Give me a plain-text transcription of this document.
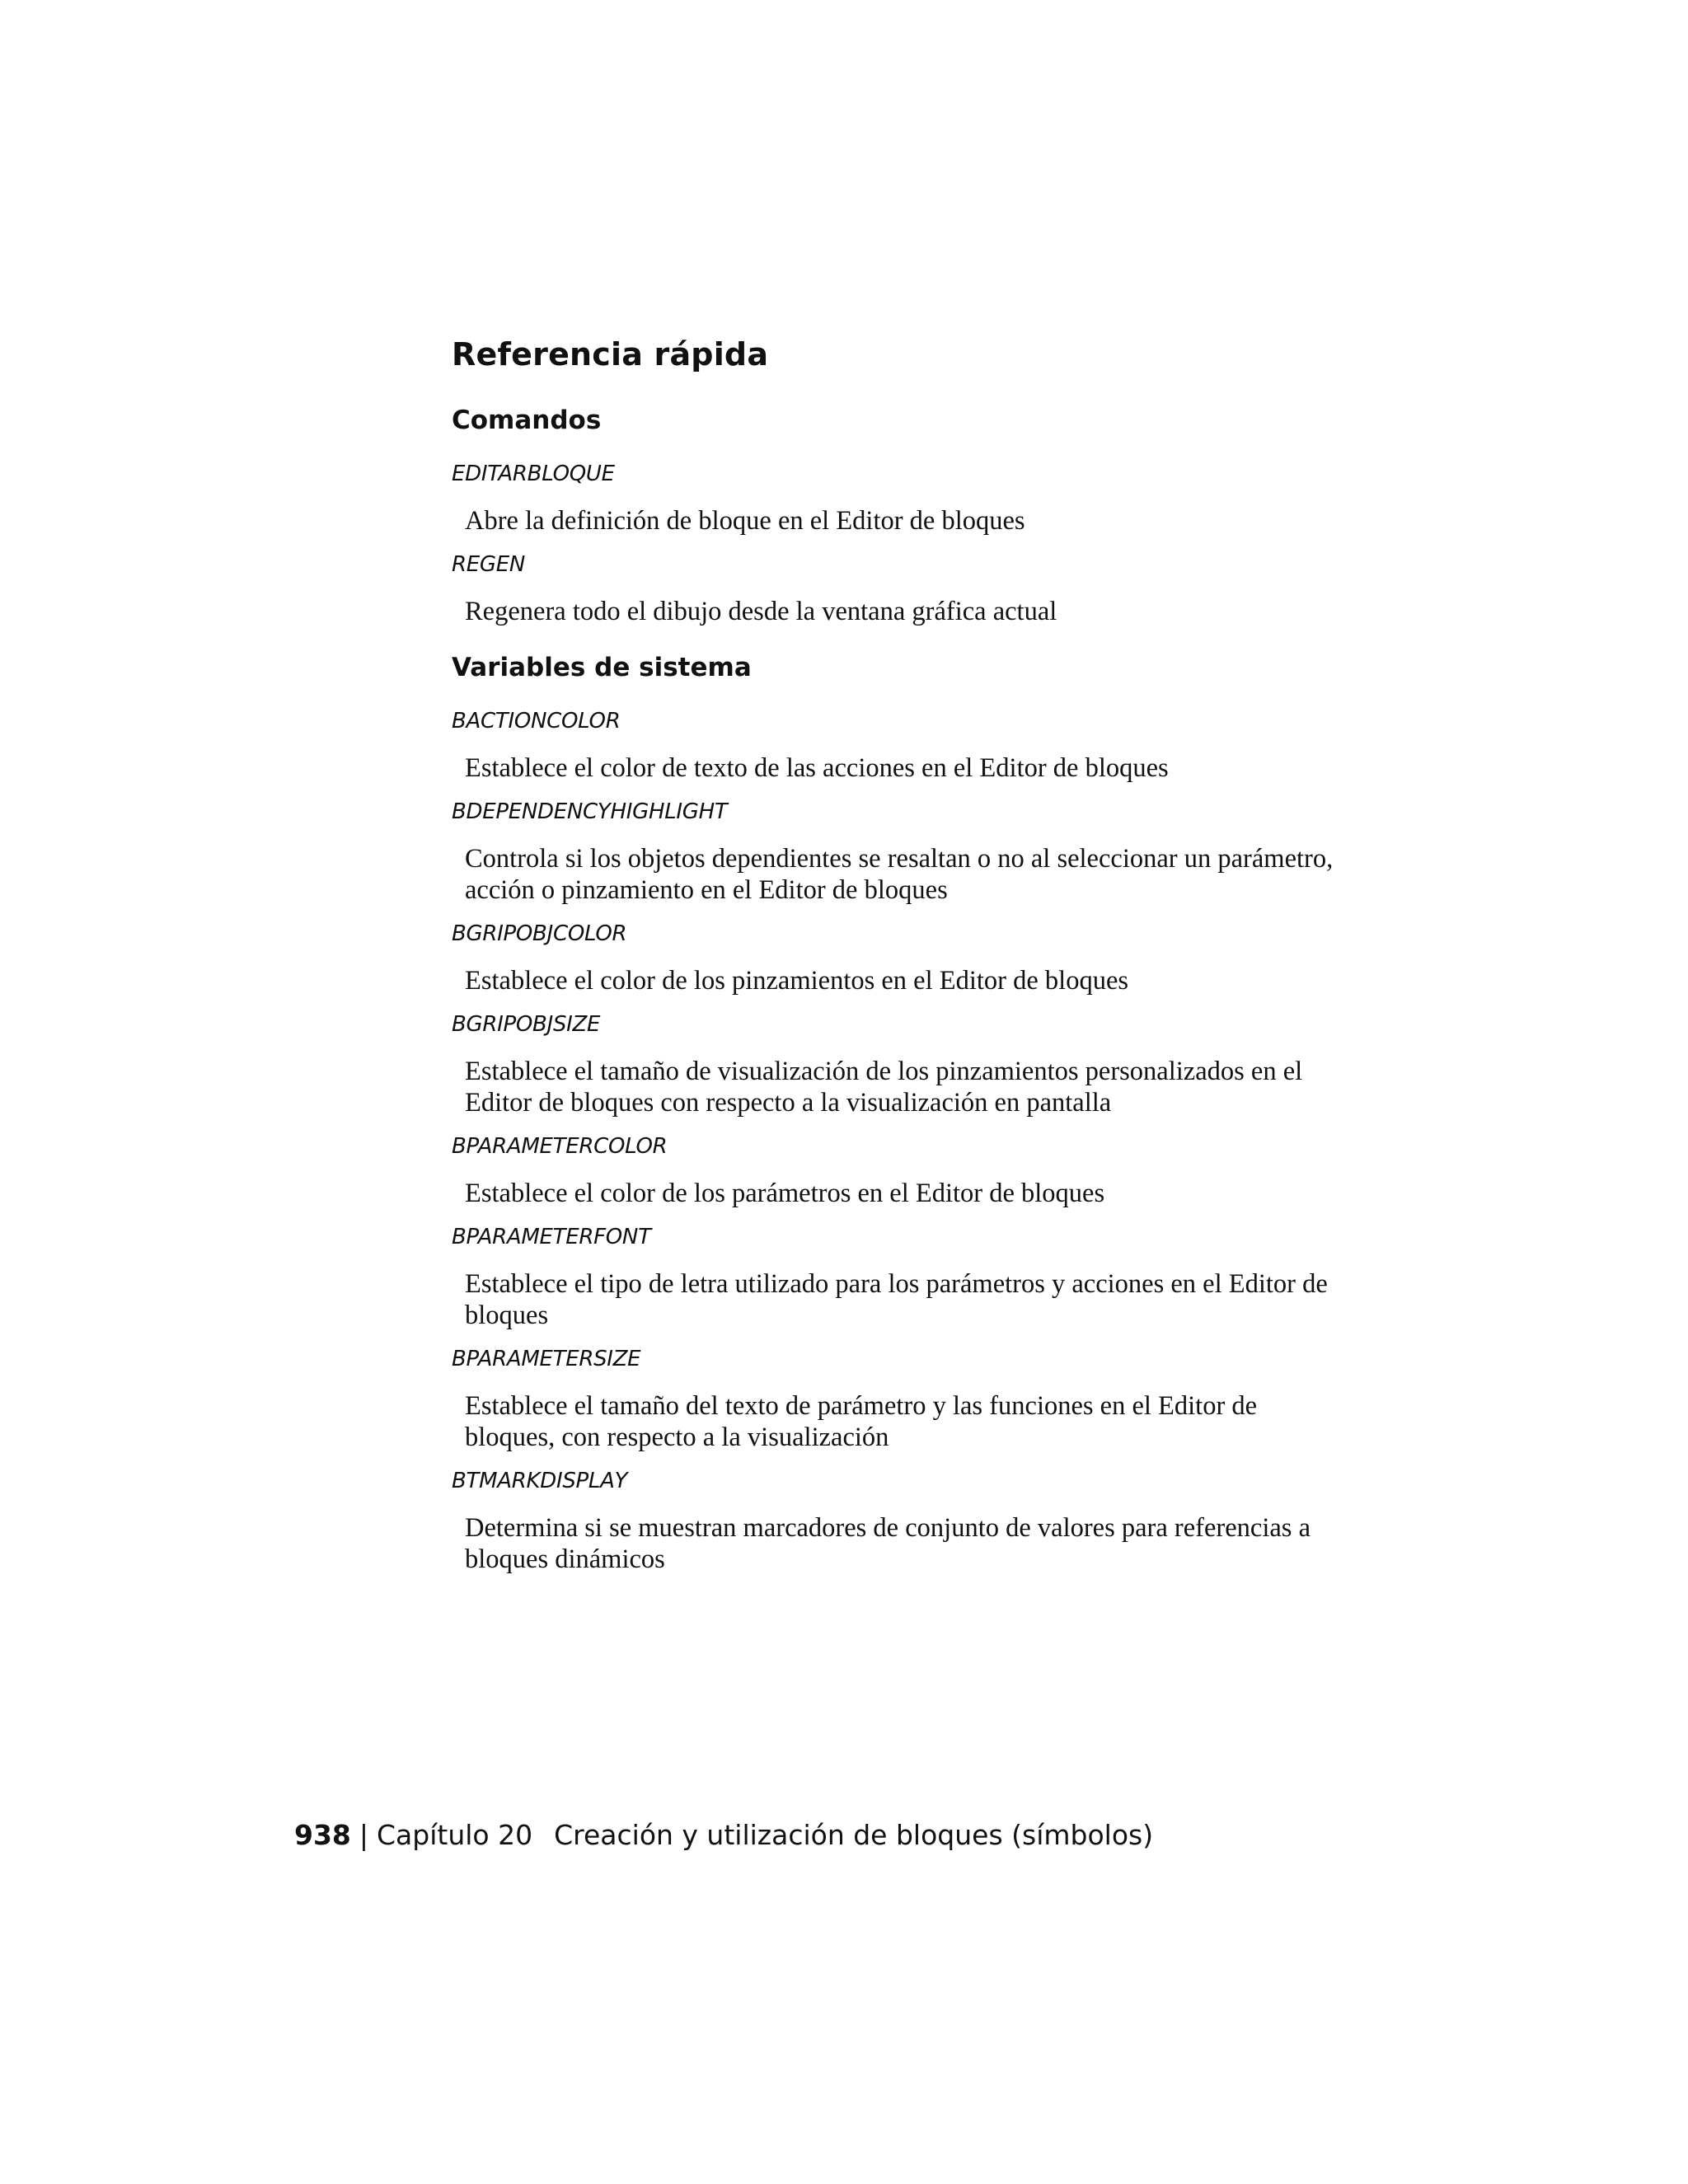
Referencia rápida
Comandos
EDITARBLOQUE
Abre la definición de bloque en el Editor de bloques
REGEN
Regenera todo el dibujo desde la ventana gráfica actual
Variables de sistema
BACTIONCOLOR
Establece el color de texto de las acciones en el Editor de bloques
BDEPENDENCYHIGHLIGHT
Controla si los objetos dependientes se resaltan o no al seleccionar un parámetro, acción o pinzamiento en el Editor de bloques
BGRIPOBJCOLOR
Establece el color de los pinzamientos en el Editor de bloques
BGRIPOBJSIZE
Establece el tamaño de visualización de los pinzamientos personalizados en el Editor de bloques con respecto a la visualización en pantalla
BPARAMETERCOLOR
Establece el color de los parámetros en el Editor de bloques
BPARAMETERFONT
Establece el tipo de letra utilizado para los parámetros y acciones en el Editor de bloques
BPARAMETERSIZE
Establece el tamaño del texto de parámetro y las funciones en el Editor de bloques, con respecto a la visualización
BTMARKDISPLAY
Determina si se muestran marcadores de conjunto de valores para referencias a bloques dinámicos
938 | Capítulo 20 Creación y utilización de bloques (símbolos)
